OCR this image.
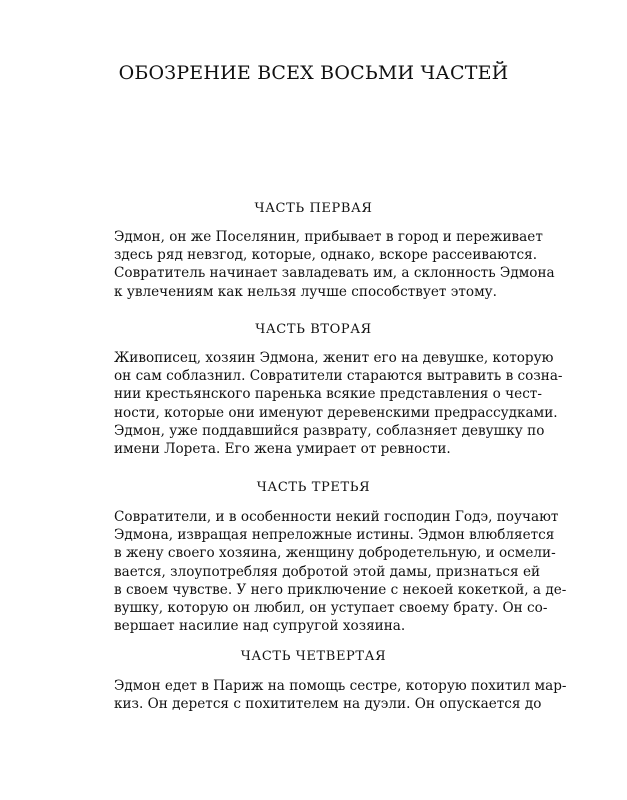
ОБОЗРЕНИЕ ВСЕХ ВОСЬМИ ЧАСТЕЙ
ЧАСТЬ ПЕРВАЯ
Эдмон, он же Поселянин, прибывает в город и переживает
здесь ряд невзгод, которые, однако, вскоре рассеиваются.
Совратитель начинает завладевать им, а склонность Эдмона
к увлечениям как нельзя лучше способствует этому.
ЧАСТЬ ВТОРАЯ
Живописец, хозяин Эдмона, женит его на девушке, которую
он сам соблазнил. Совратители стараются вытравить в созна-
нии крестьянского паренька всякие представления о чест-
ности, которые они именуют деревенскими предрассудками.
Эдмон, уже поддавшийся разврату, соблазняет девушку по
имени Лорета. Его жена умирает от ревности.
ЧАСТЬ ТРЕТЬЯ
Совратители, и в особенности некий господин Годэ, поучают
Эдмона, извращая непреложные истины. Эдмон влюбляется
в жену своего хозяина, женщину добродетельную, и осмели-
вается, злоупотребляя добротой этой дамы, признаться ей
в своем чувстве. У него приключение с некоей кокеткой, а де-
вушку, которую он любил, он уступает своему брату. Он со-
вершает насилие над супругой хозяина.
ЧАСТЬ ЧЕТВЕРТАЯ
Эдмон едет в Париж на помощь сестре, которую похитил мар-
киз. Он дерется с похитителем на дуэли. Он опускается до
